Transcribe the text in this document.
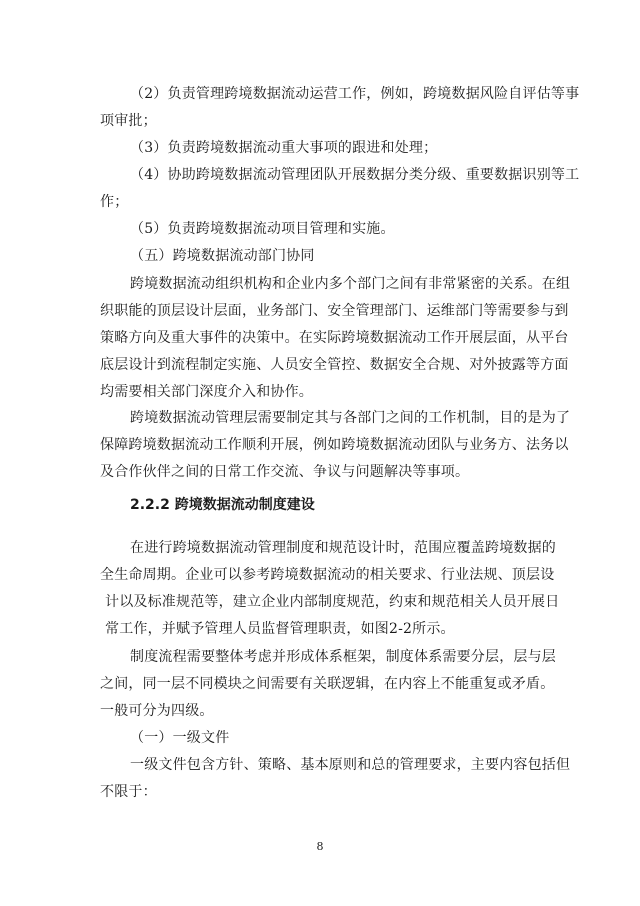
（2）负责管理跨境数据流动运营工作，例如，跨境数据风险自评估等事
项审批；
（3）负责跨境数据流动重大事项的跟进和处理；
（4）协助跨境数据流动管理团队开展数据分类分级、重要数据识别等工
作；
（5）负责跨境数据流动项目管理和实施。
（五）跨境数据流动部门协同
跨境数据流动组织机构和企业内多个部门之间有非常紧密的关系。在组
织职能的顶层设计层面，业务部门、安全管理部门、运维部门等需要参与到
策略方向及重大事件的决策中。在实际跨境数据流动工作开展层面，从平台
底层设计到流程制定实施、人员安全管控、数据安全合规、对外披露等方面
均需要相关部门深度介入和协作。
跨境数据流动管理层需要制定其与各部门之间的工作机制，目的是为了
保障跨境数据流动工作顺利开展，例如跨境数据流动团队与业务方、法务以
及合作伙伴之间的日常工作交流、争议与问题解决等事项。
在进行跨境数据流动管理制度和规范设计时，范围应覆盖跨境数据的
全生命周期。企业可以参考跨境数据流动的相关要求、行业法规、顶层设
计以及标准规范等，建立企业内部制度规范，约束和规范相关人员开展日
常工作，并赋予管理人员监督管理职责，如图2-2所示。
制度流程需要整体考虑并形成体系框架，制度体系需要分层，层与层
之间，同一层不同模块之间需要有关联逻辑，在内容上不能重复或矛盾。
一般可分为四级。
（一）一级文件
一级文件包含方针、策略、基本原则和总的管理要求，主要内容包括但
不限于：
2.2.2 跨境数据流动制度建设
8
